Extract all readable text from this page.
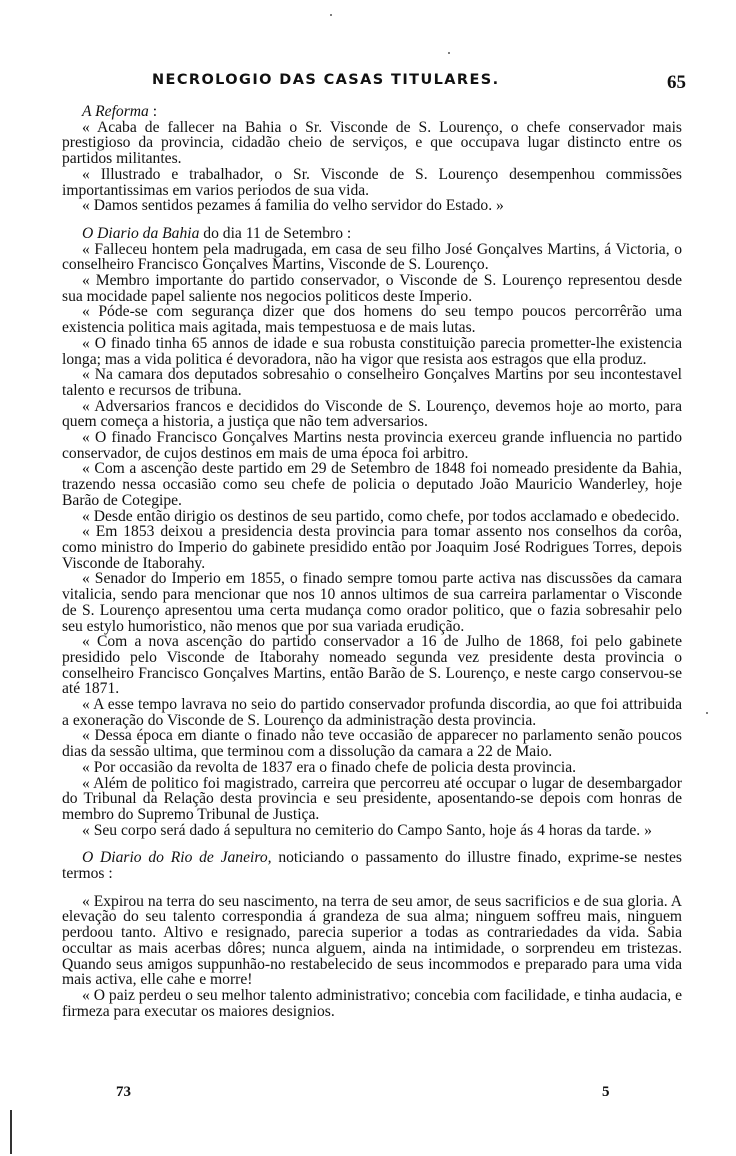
NECROLOGIO DAS CASAS TITULARES.	65

A Reforma :

« Acaba de fallecer na Bahia o Sr. Visconde de S. Lourenço, o chefe conservador mais prestigioso da provincia, cidadão cheio de serviços, e que occupava lugar distincto entre os partidos militantes.

« Illustrado e trabalhador, o Sr. Visconde de S. Lourenço desempenhou commissões importantissimas em varios periodos de sua vida.

« Damos sentidos pezames á familia do velho servidor do Estado. »

O Diario da Bahia do dia 11 de Setembro :

« Falleceu hontem pela madrugada, em casa de seu filho José Gonçalves Martins, á Victoria, o conselheiro Francisco Gonçalves Martins, Visconde de S. Lourenço.

« Membro importante do partido conservador, o Visconde de S. Lourenço representou desde sua mocidade papel saliente nos negocios politicos deste Imperio.

« Póde-se com segurança dizer que dos homens do seu tempo poucos percorrêrão uma existencia politica mais agitada, mais tempestuosa e de mais lutas.

« O finado tinha 65 annos de idade e sua robusta constituição parecia prometter-lhe existencia longa; mas a vida politica é devoradora, não ha vigor que resista aos estragos que ella produz.

« Na camara dos deputados sobresahio o conselheiro Gonçalves Martins por seu incontestavel talento e recursos de tribuna.

« Adversarios francos e decididos do Visconde de S. Lourenço, devemos hoje ao morto, para quem começa a historia, a justiça que não tem adversarios.

« O finado Francisco Gonçalves Martins nesta provincia exerceu grande influencia no partido conservador, de cujos destinos em mais de uma época foi arbitro.

« Com a ascenção deste partido em 29 de Setembro de 1848 foi nomeado presidente da Bahia, trazendo nessa occasião como seu chefe de policia o deputado João Mauricio Wanderley, hoje Barão de Cotegipe.

« Desde então dirigio os destinos de seu partido, como chefe, por todos acclamado e obedecido.

« Em 1853 deixou a presidencia desta provincia para tomar assento nos conselhos da corôa, como ministro do Imperio do gabinete presidido então por Joaquim José Rodrigues Torres, depois Visconde de Itaborahy.

« Senador do Imperio em 1855, o finado sempre tomou parte activa nas discussões da camara vitalicia, sendo para mencionar que nos 10 annos ultimos de sua carreira parlamentar o Visconde de S. Lourenço apresentou uma certa mudança como orador politico, que o fazia sobresahir pelo seu estylo humoristico, não menos que por sua variada erudição.

« Com a nova ascenção do partido conservador a 16 de Julho de 1868, foi pelo gabinete presidido pelo Visconde de Itaborahy nomeado segunda vez presidente desta provincia o conselheiro Francisco Gonçalves Martins, então Barão de S. Lourenço, e neste cargo conservou-se até 1871.

« A esse tempo lavrava no seio do partido conservador profunda discordia, ao que foi attribuida a exoneração do Visconde de S. Lourenço da administração desta provincia.

« Dessa época em diante o finado não teve occasião de apparecer no parlamento senão poucos dias da sessão ultima, que terminou com a dissolução da camara a 22 de Maio.

« Por occasião da revolta de 1837 era o finado chefe de policia desta provincia.

« Além de politico foi magistrado, carreira que percorreu até occupar o lugar de desembargador do Tribunal da Relação desta provincia e seu presidente, aposentando-se depois com honras de membro do Supremo Tribunal de Justiça.

« Seu corpo será dado á sepultura no cemiterio do Campo Santo, hoje ás 4 horas da tarde. »

O Diario do Rio de Janeiro, noticiando o passamento do illustre finado, exprime-se nestes termos :

« Expirou na terra do seu nascimento, na terra de seu amor, de seus sacrificios e de sua gloria. A elevação do seu talento correspondia á grandeza de sua alma; ninguem soffreu mais, ninguem perdoou tanto. Altivo e resignado, parecia superior a todas as contrariedades da vida. Sabia occultar as mais acerbas dôres; nunca alguem, ainda na intimidade, o sorprendeu em tristezas. Quando seus amigos suppunhão-no restabelecido de seus incommodos e preparado para uma vida mais activa, elle cahe e morre!

« O paiz perdeu o seu melhor talento administrativo; concebia com facilidade, e tinha audacia, e firmeza para executar os maiores designios.

73	5
